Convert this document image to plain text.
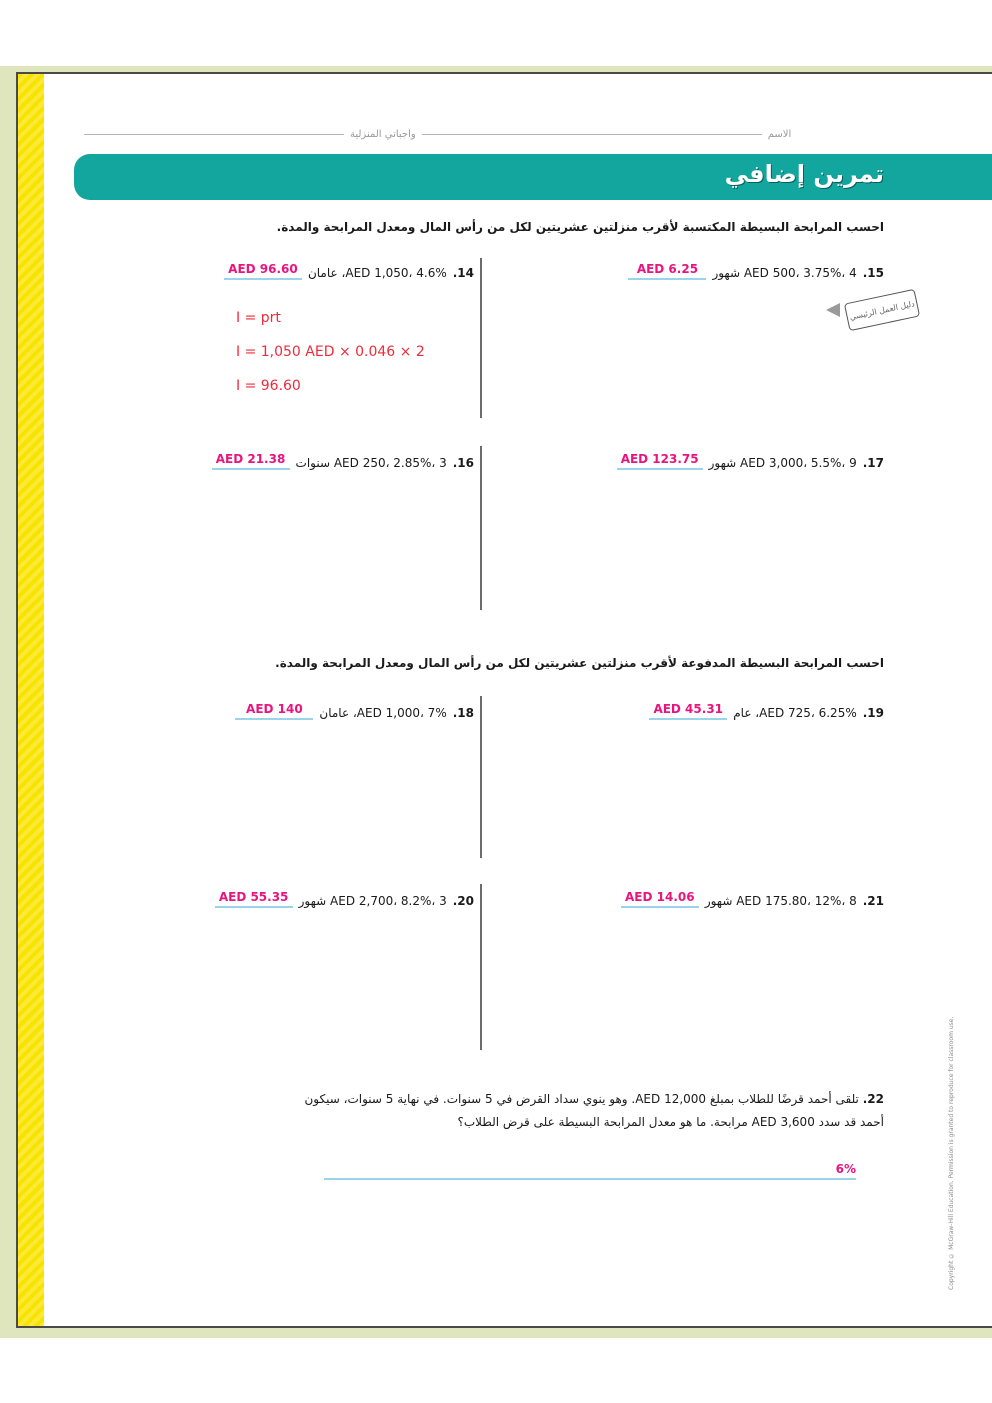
واجباتي المنزلية	الاسم
تمرين إضافي
احسب المرابحة البسيطة المكتسبة لأقرب منزلتين عشريتين لكل من رأس المال ومعدل المرابحة والمدة.
احسب المرابحة البسيطة المدفوعة لأقرب منزلتين عشريتين لكل من رأس المال ومعدل المرابحة والمدة.
15.
AED 500، 3.75%، 4 شهور
AED 6.25
14.
AED 1,050، 4.6%، عامان
AED 96.60
دليل العمل الرئيسي
I = prt
I = 1,050 AED × 0.046 × 2
I = 96.60
17.
AED 3,000، 5.5%، 9 شهور
AED 123.75
16.
AED 250، 2.85%، 3 سنوات
AED 21.38
19.
AED 725، 6.25%، عام
AED 45.31
18.
AED 1,000، 7%، عامان
AED 140
21.
AED 175.80، 12%، 8 شهور
AED 14.06
20.
AED 2,700، 8.2%، 3 شهور
AED 55.35
22. تلقى أحمد قرضًا للطلاب بمبلغ AED 12,000. وهو ينوي سداد القرض في 5 سنوات. في نهاية 5 سنوات، سيكون أحمد قد سدد AED 3,600 مرابحة. ما هو معدل المرابحة البسيطة على قرض الطلاب؟
6%	Copyright © McGraw-Hill Education. Permission is granted to reproduce for classroom use.
